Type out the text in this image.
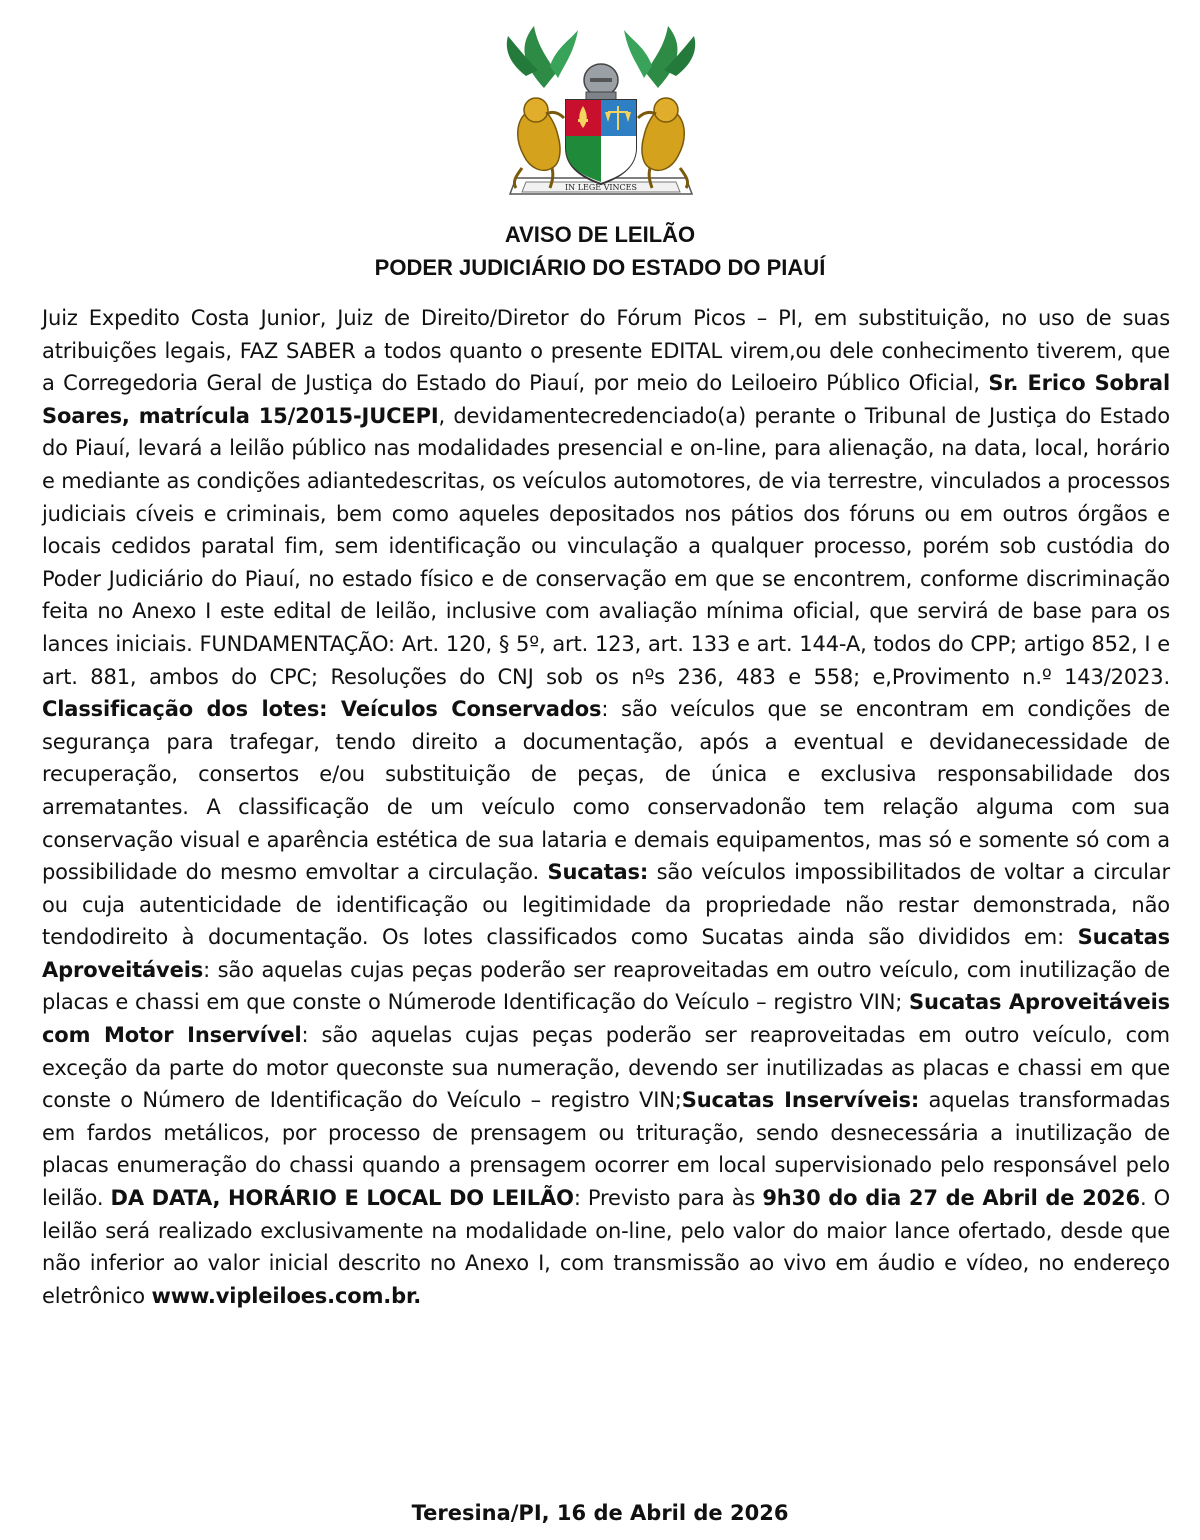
IN LEGE VINCES
AVISO DE LEILÃO
PODER JUDICIÁRIO DO ESTADO DO PIAUÍ
Juiz Expedito Costa Junior, Juiz de Direito/Diretor do Fórum Picos – PI, em substituição, no uso de suas atribuições legais, FAZ SABER a todos quanto o presente EDITAL virem,ou dele conhecimento tiverem, que a Corregedoria Geral de Justiça do Estado do Piauí, por meio do Leiloeiro Público Oficial, Sr. Erico Sobral Soares, matrícula 15/2015-JUCEPI, devidamentecredenciado(a) perante o Tribunal de Justiça do Estado do Piauí, levará a leilão público nas modalidades presencial e on-line, para alienação, na data, local, horário e mediante as condições adiantedescritas, os veículos automotores, de via terrestre, vinculados a processos judiciais cíveis e criminais, bem como aqueles depositados nos pátios dos fóruns ou em outros órgãos e locais cedidos paratal fim, sem identificação ou vinculação a qualquer processo, porém sob custódia do Poder Judiciário do Piauí, no estado físico e de conservação em que se encontrem, conforme discriminação feita no Anexo I este edital de leilão, inclusive com avaliação mínima oficial, que servirá de base para os lances iniciais. FUNDAMENTAÇÃO: Art. 120, § 5º, art. 123, art. 133 e art. 144-A, todos do CPP; artigo 852, I e art. 881, ambos do CPC; Resoluções do CNJ sob os nºs 236, 483 e 558; e,Provimento n.º 143/2023. Classificação dos lotes: Veículos Conservados: são veículos que se encontram em condições de segurança para trafegar, tendo direito a documentação, após a eventual e devidanecessidade de recuperação, consertos e/ou substituição de peças, de única e exclusiva responsabilidade dos arrematantes. A classificação de um veículo como conservadonão tem relação alguma com sua conservação visual e aparência estética de sua lataria e demais equipamentos, mas só e somente só com a possibilidade do mesmo emvoltar a circulação. Sucatas: são veículos impossibilitados de voltar a circular ou cuja autenticidade de identificação ou legitimidade da propriedade não restar demonstrada, não tendodireito à documentação. Os lotes classificados como Sucatas ainda são divididos em: Sucatas Aproveitáveis: são aquelas cujas peças poderão ser reaproveitadas em outro veículo, com inutilização de placas e chassi em que conste o Númerode Identificação do Veículo – registro VIN; Sucatas Aproveitáveis com Motor Inservível: são aquelas cujas peças poderão ser reaproveitadas em outro veículo, com exceção da parte do motor queconste sua numeração, devendo ser inutilizadas as placas e chassi em que conste o Número de Identificação do Veículo – registro VIN;Sucatas Inservíveis: aquelas transformadas em fardos metálicos, por processo de prensagem ou trituração, sendo desnecessária a inutilização de placas enumeração do chassi quando a prensagem ocorrer em local supervisionado pelo responsável pelo leilão. DA DATA, HORÁRIO E LOCAL DO LEILÃO: Previsto para às 9h30 do dia 27 de Abril de 2026. O leilão será realizado exclusivamente na modalidade on-line, pelo valor do maior lance ofertado, desde que não inferior ao valor inicial descrito no Anexo I, com transmissão ao vivo em áudio e vídeo, no endereço eletrônico www.vipleiloes.com.br.
Teresina/PI, 16 de Abril de 2026
